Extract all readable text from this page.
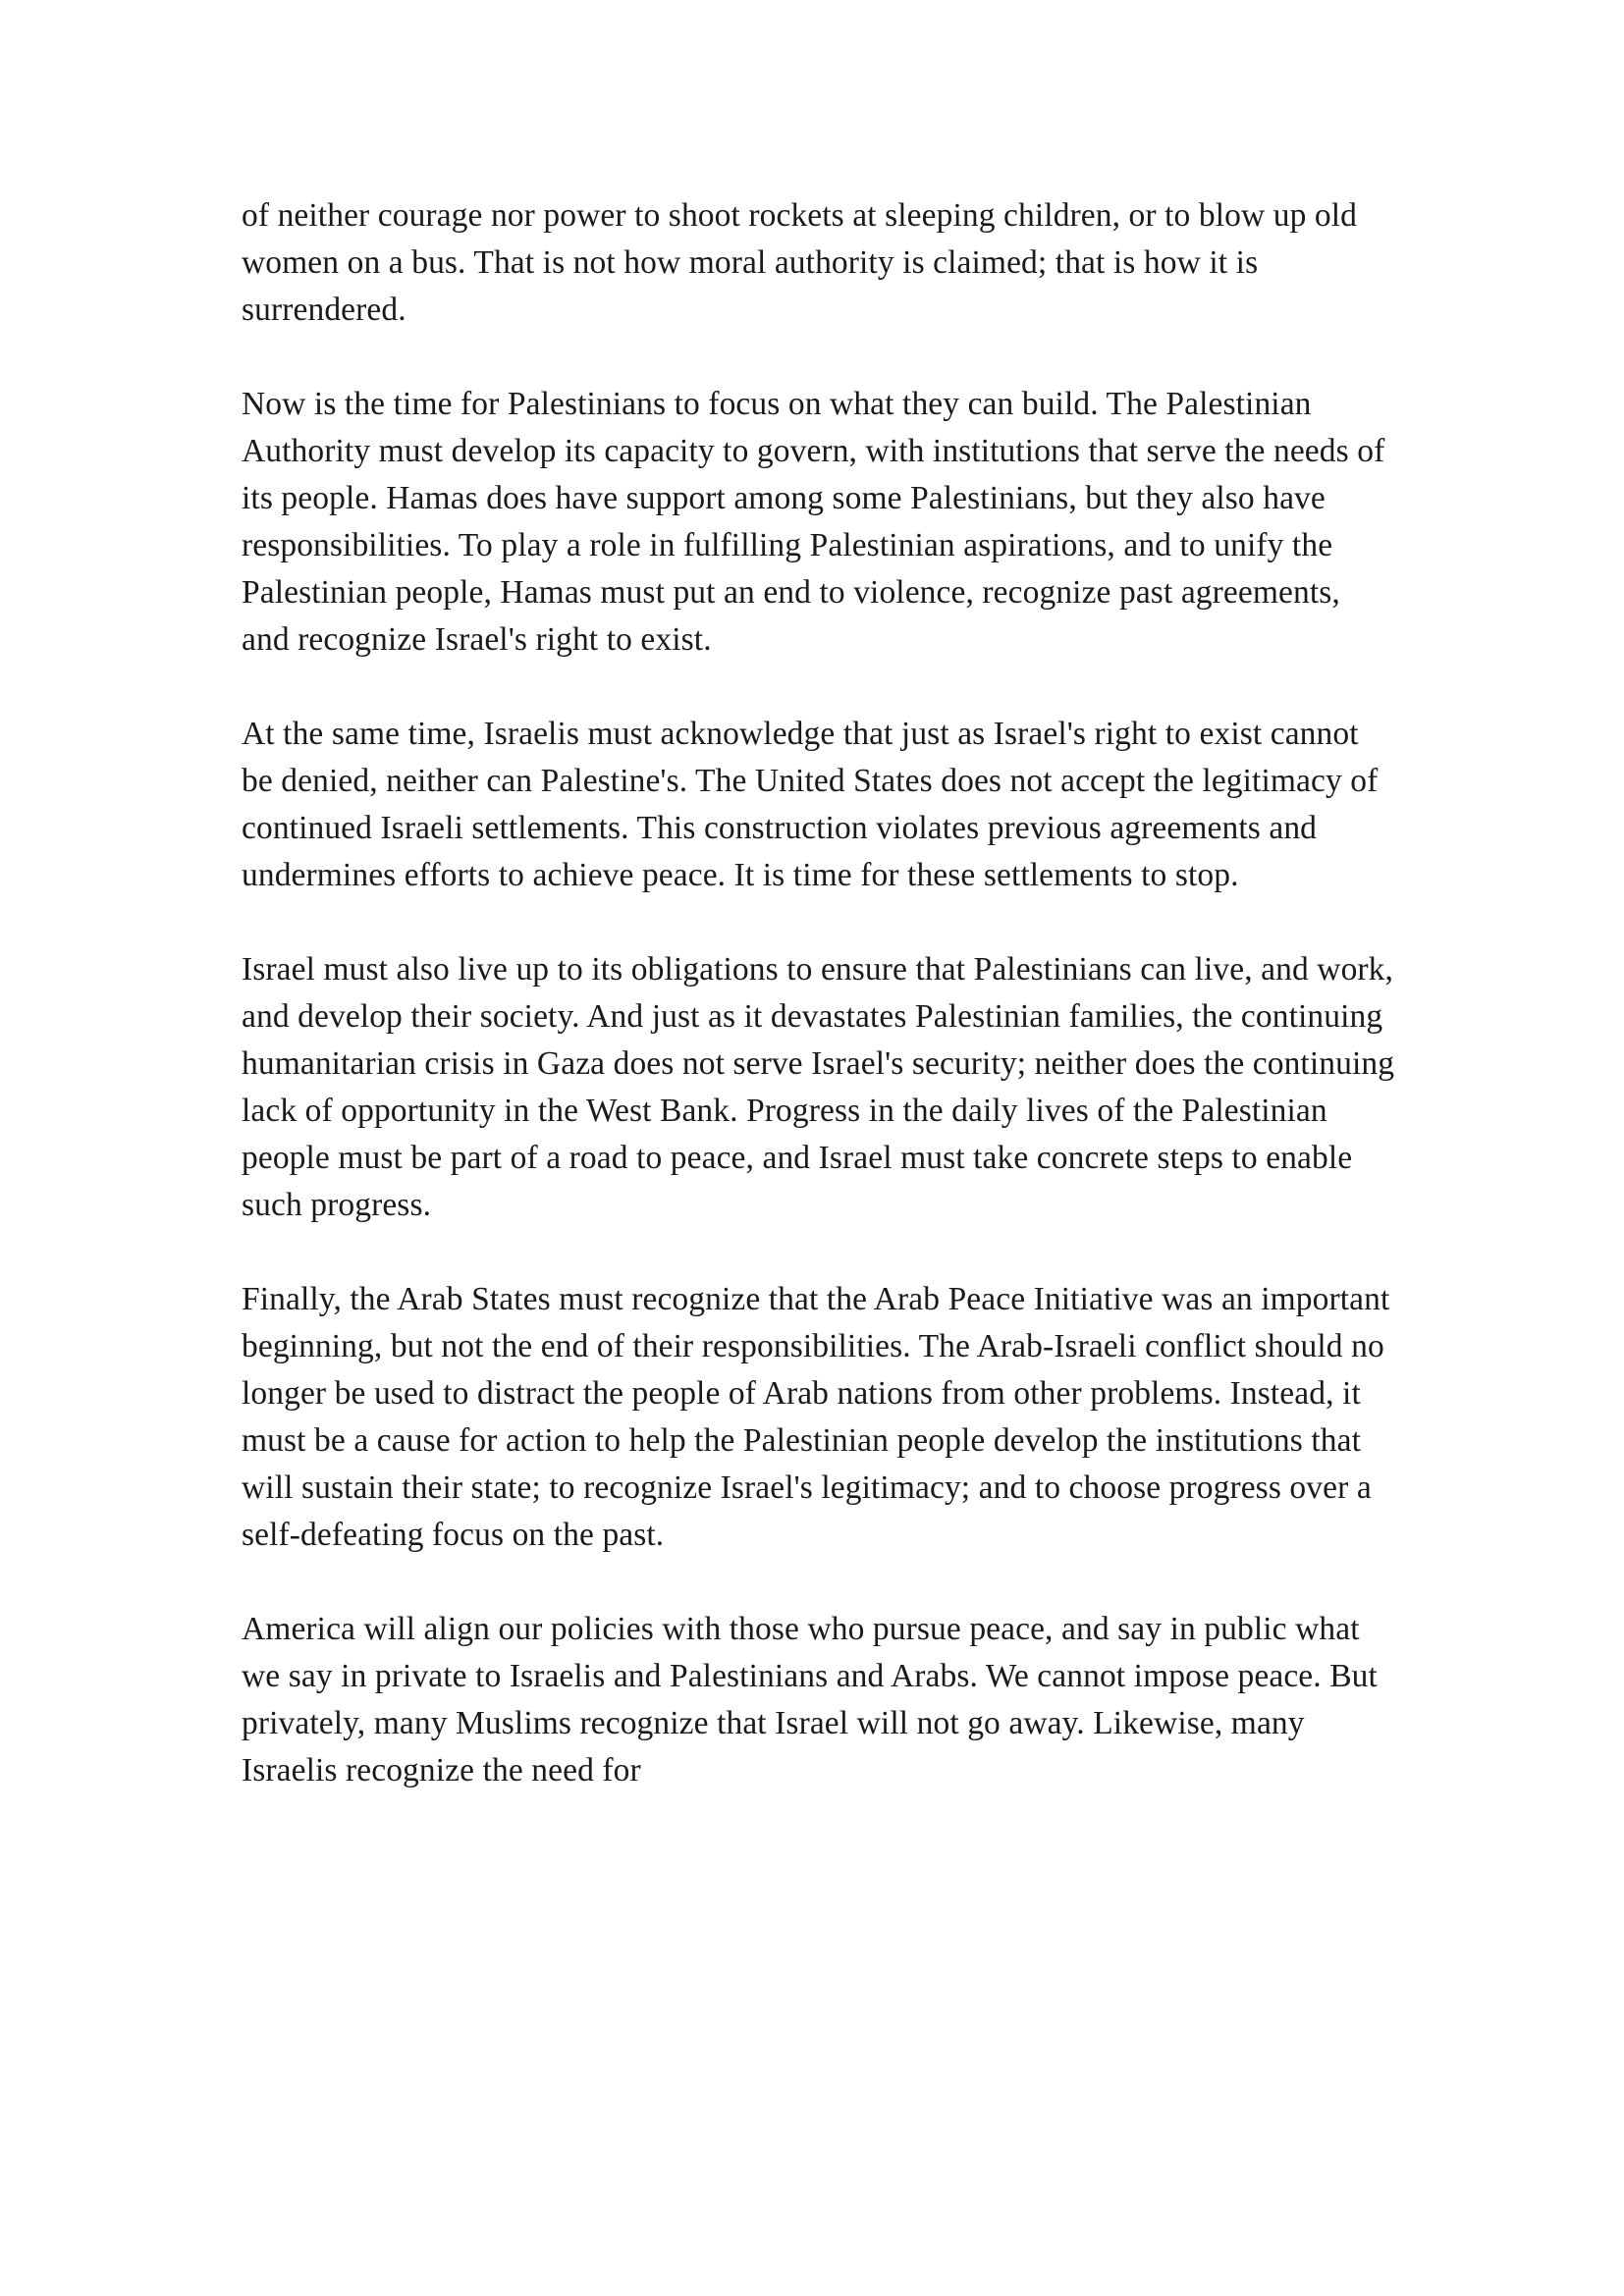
of neither courage nor power to shoot rockets at sleeping children, or to blow up old women on a bus. That is not how moral authority is claimed; that is how it is surrendered.

Now is the time for Palestinians to focus on what they can build. The Palestinian Authority must develop its capacity to govern, with institutions that serve the needs of its people. Hamas does have support among some Palestinians, but they also have responsibilities. To play a role in fulfilling Palestinian aspirations, and to unify the Palestinian people, Hamas must put an end to violence, recognize past agreements, and recognize Israel's right to exist.

At the same time, Israelis must acknowledge that just as Israel's right to exist cannot be denied, neither can Palestine's. The United States does not accept the legitimacy of continued Israeli settlements. This construction violates previous agreements and undermines efforts to achieve peace. It is time for these settlements to stop.

Israel must also live up to its obligations to ensure that Palestinians can live, and work, and develop their society. And just as it devastates Palestinian families, the continuing humanitarian crisis in Gaza does not serve Israel's security; neither does the continuing lack of opportunity in the West Bank. Progress in the daily lives of the Palestinian people must be part of a road to peace, and Israel must take concrete steps to enable such progress.

Finally, the Arab States must recognize that the Arab Peace Initiative was an important beginning, but not the end of their responsibilities. The Arab-Israeli conflict should no longer be used to distract the people of Arab nations from other problems. Instead, it must be a cause for action to help the Palestinian people develop the institutions that will sustain their state; to recognize Israel's legitimacy; and to choose progress over a self-defeating focus on the past.

America will align our policies with those who pursue peace, and say in public what we say in private to Israelis and Palestinians and Arabs. We cannot impose peace. But privately, many Muslims recognize that Israel will not go away. Likewise, many Israelis recognize the need for
